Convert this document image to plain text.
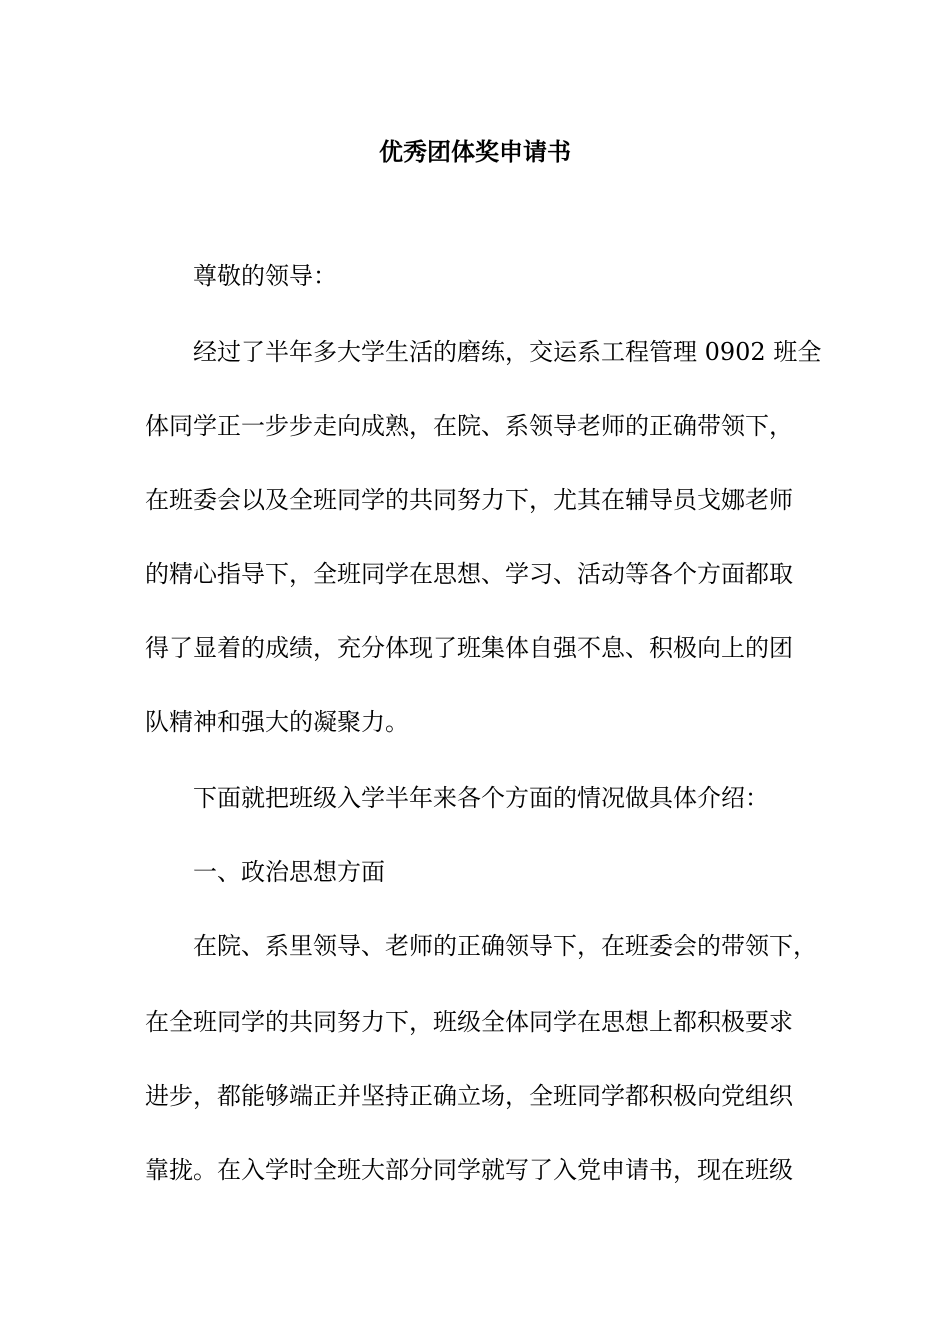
优秀团体奖申请书
尊敬的领导：
经过了半年多大学生活的磨练，交运系工程管理 0902 班全
体同学正一步步走向成熟，在院、系领导老师的正确带领下，
在班委会以及全班同学的共同努力下，尤其在辅导员戈娜老师
的精心指导下，全班同学在思想、学习、活动等各个方面都取
得了显着的成绩，充分体现了班集体自强不息、积极向上的团
队精神和强大的凝聚力。
下面就把班级入学半年来各个方面的情况做具体介绍：
一、政治思想方面
在院、系里领导、老师的正确领导下，在班委会的带领下，
在全班同学的共同努力下，班级全体同学在思想上都积极要求
进步，都能够端正并坚持正确立场，全班同学都积极向党组织
靠拢。在入学时全班大部分同学就写了入党申请书，现在班级
